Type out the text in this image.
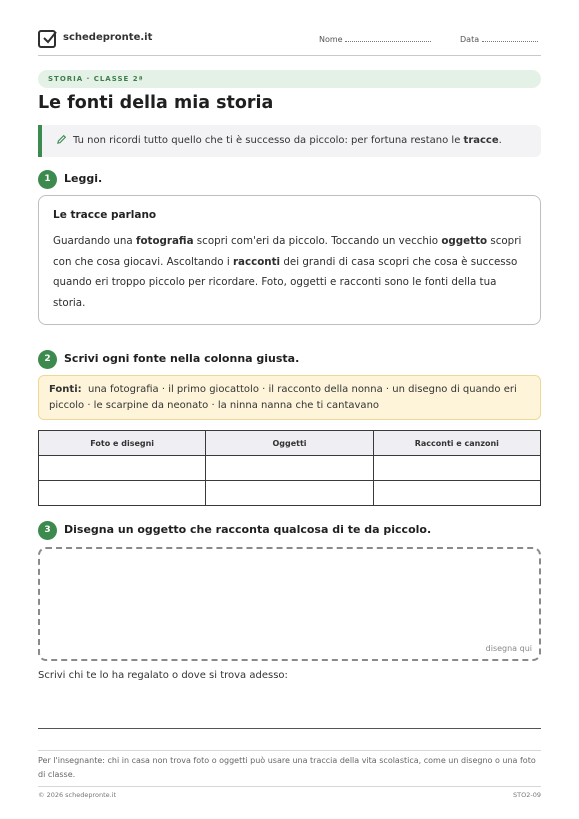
schedepronte.it	Nome	Data
STORIA · CLASSE 2ª
Le fonti della mia storia
Tu non ricordi tutto quello che ti è successo da piccolo: per fortuna restano le tracce.
1	Leggi.
Le tracce parlano
Guardando una fotografia scopri com'eri da piccolo. Toccando un vecchio oggetto scopri con che cosa giocavi. Ascoltando i racconti dei grandi di casa scopri che cosa è successo quando eri troppo piccolo per ricordare. Foto, oggetti e racconti sono le fonti della tua storia.
2	Scrivi ogni fonte nella colonna giusta.
Fonti: una fotografia · il primo giocattolo · il racconto della nonna · un disegno di quando eri piccolo · le scarpine da neonato · la ninna nanna che ti cantavano
Foto e disegni	Oggetti	Racconti e canzoni

3	Disegna un oggetto che racconta qualcosa di te da piccolo.
disegna qui
Scrivi chi te lo ha regalato o dove si trova adesso:
Per l'insegnante: chi in casa non trova foto o oggetti può usare una traccia della vita scolastica, come un disegno o una foto di classe.
© 2026 schedepronte.it	STO2-09
